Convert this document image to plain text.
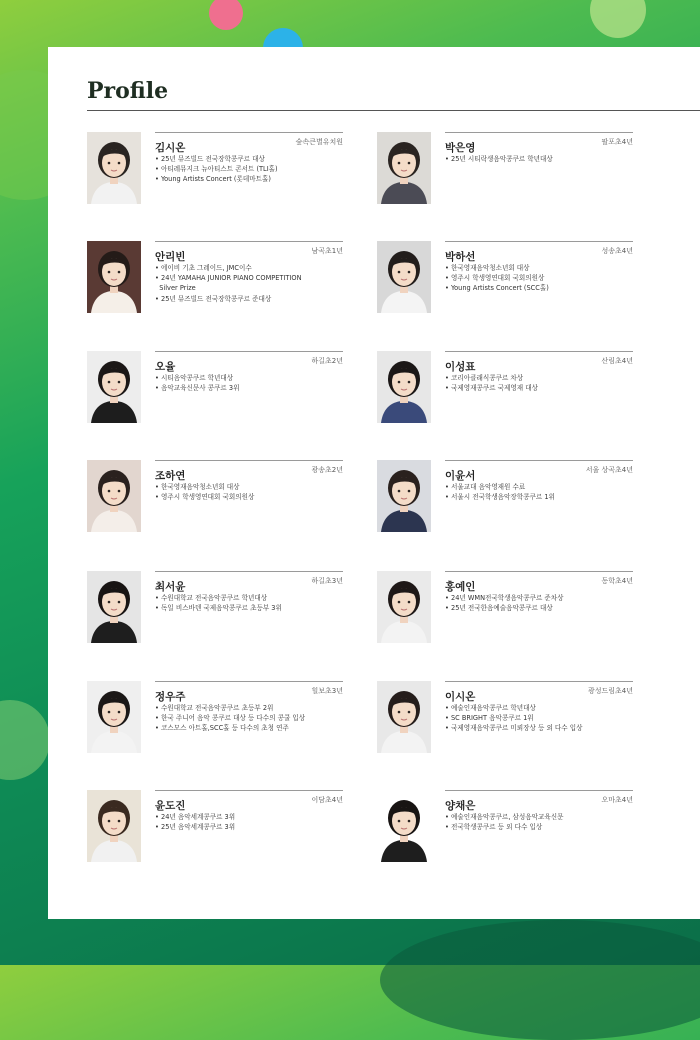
Profile
김시온	숲속큰별유치원
• 25년 뮤즈빌드 전국장학콩쿠르 대상
• 아티레뮤지크 뉴아티스트 콘서트 (TLI홀)
• Young Artists Concert (롯데마트홀)
박은영	팔포초4년
• 25년 시티락생음악콩쿠르 학년대상
안리빈	남곡초1년
• 에이비 기초 그레이드, JMC이수
• 24년 YAMAHA JUNIOR PIANO COMPETITION
Silver Prize
• 25년 뮤즈빌드 전국장학콩쿠르 준대상
박하선	성송초4년
• 한국영재음악청소년회 대상
• 영주시 학생영연대회 국회의원상
• Young Artists Concert (SCC홀)
오율	하길초2년
• 시티음악콩쿠르 학년대상
• 음악교육신문사 콩쿠르 3위
이성표	산림초4년
• 코리아클래식콩쿠르 차상
• 국제영재콩쿠르 국제영재 대상
조하연	광송초2년
• 한국영재음악청소년회 대상
• 영주시 학생영연대회 국회의원상
이윤서	서울 상곡초4년
• 서울교대 음악영재원 수료
• 서울시 전국학생음악장학콩쿠르 1위
최서윤	하길초3년
• 수원대학교 전국음악콩쿠르 학년대상
• 독일 비스바덴 국제음악콩쿠르 초등부 3위
홍예인	동학초4년
• 24년 WMN전국학생음악콩쿠르 준차상
• 25년 전국한음예술음악콩쿠르 대상
정우주	힐보초3년
• 수원대학교 전국음악콩쿠르 초등부 2위
• 한국 주니어 음악 콩쿠르 대상 등 다수의 콩쿨 입상
• 코스모스 아트홀,SCC홀 등 다수의 초청 연주
이시온	광성드림초4년
• 예술인재음악콩쿠르 학년대상
• SC BRIGHT 음악콩쿠르 1위
• 국제영재음악콩쿠르 미뢰장상 등 외 다수 입상
윤도진	이담초4년
• 24년 음악세계콩쿠르 3위
• 25년 음악세계콩쿠르 3위
양채은	오마초4년
• 예술인재음악콩쿠르, 삼성음악교육신문
• 전국학생콩쿠르 등 외 다수 입상
